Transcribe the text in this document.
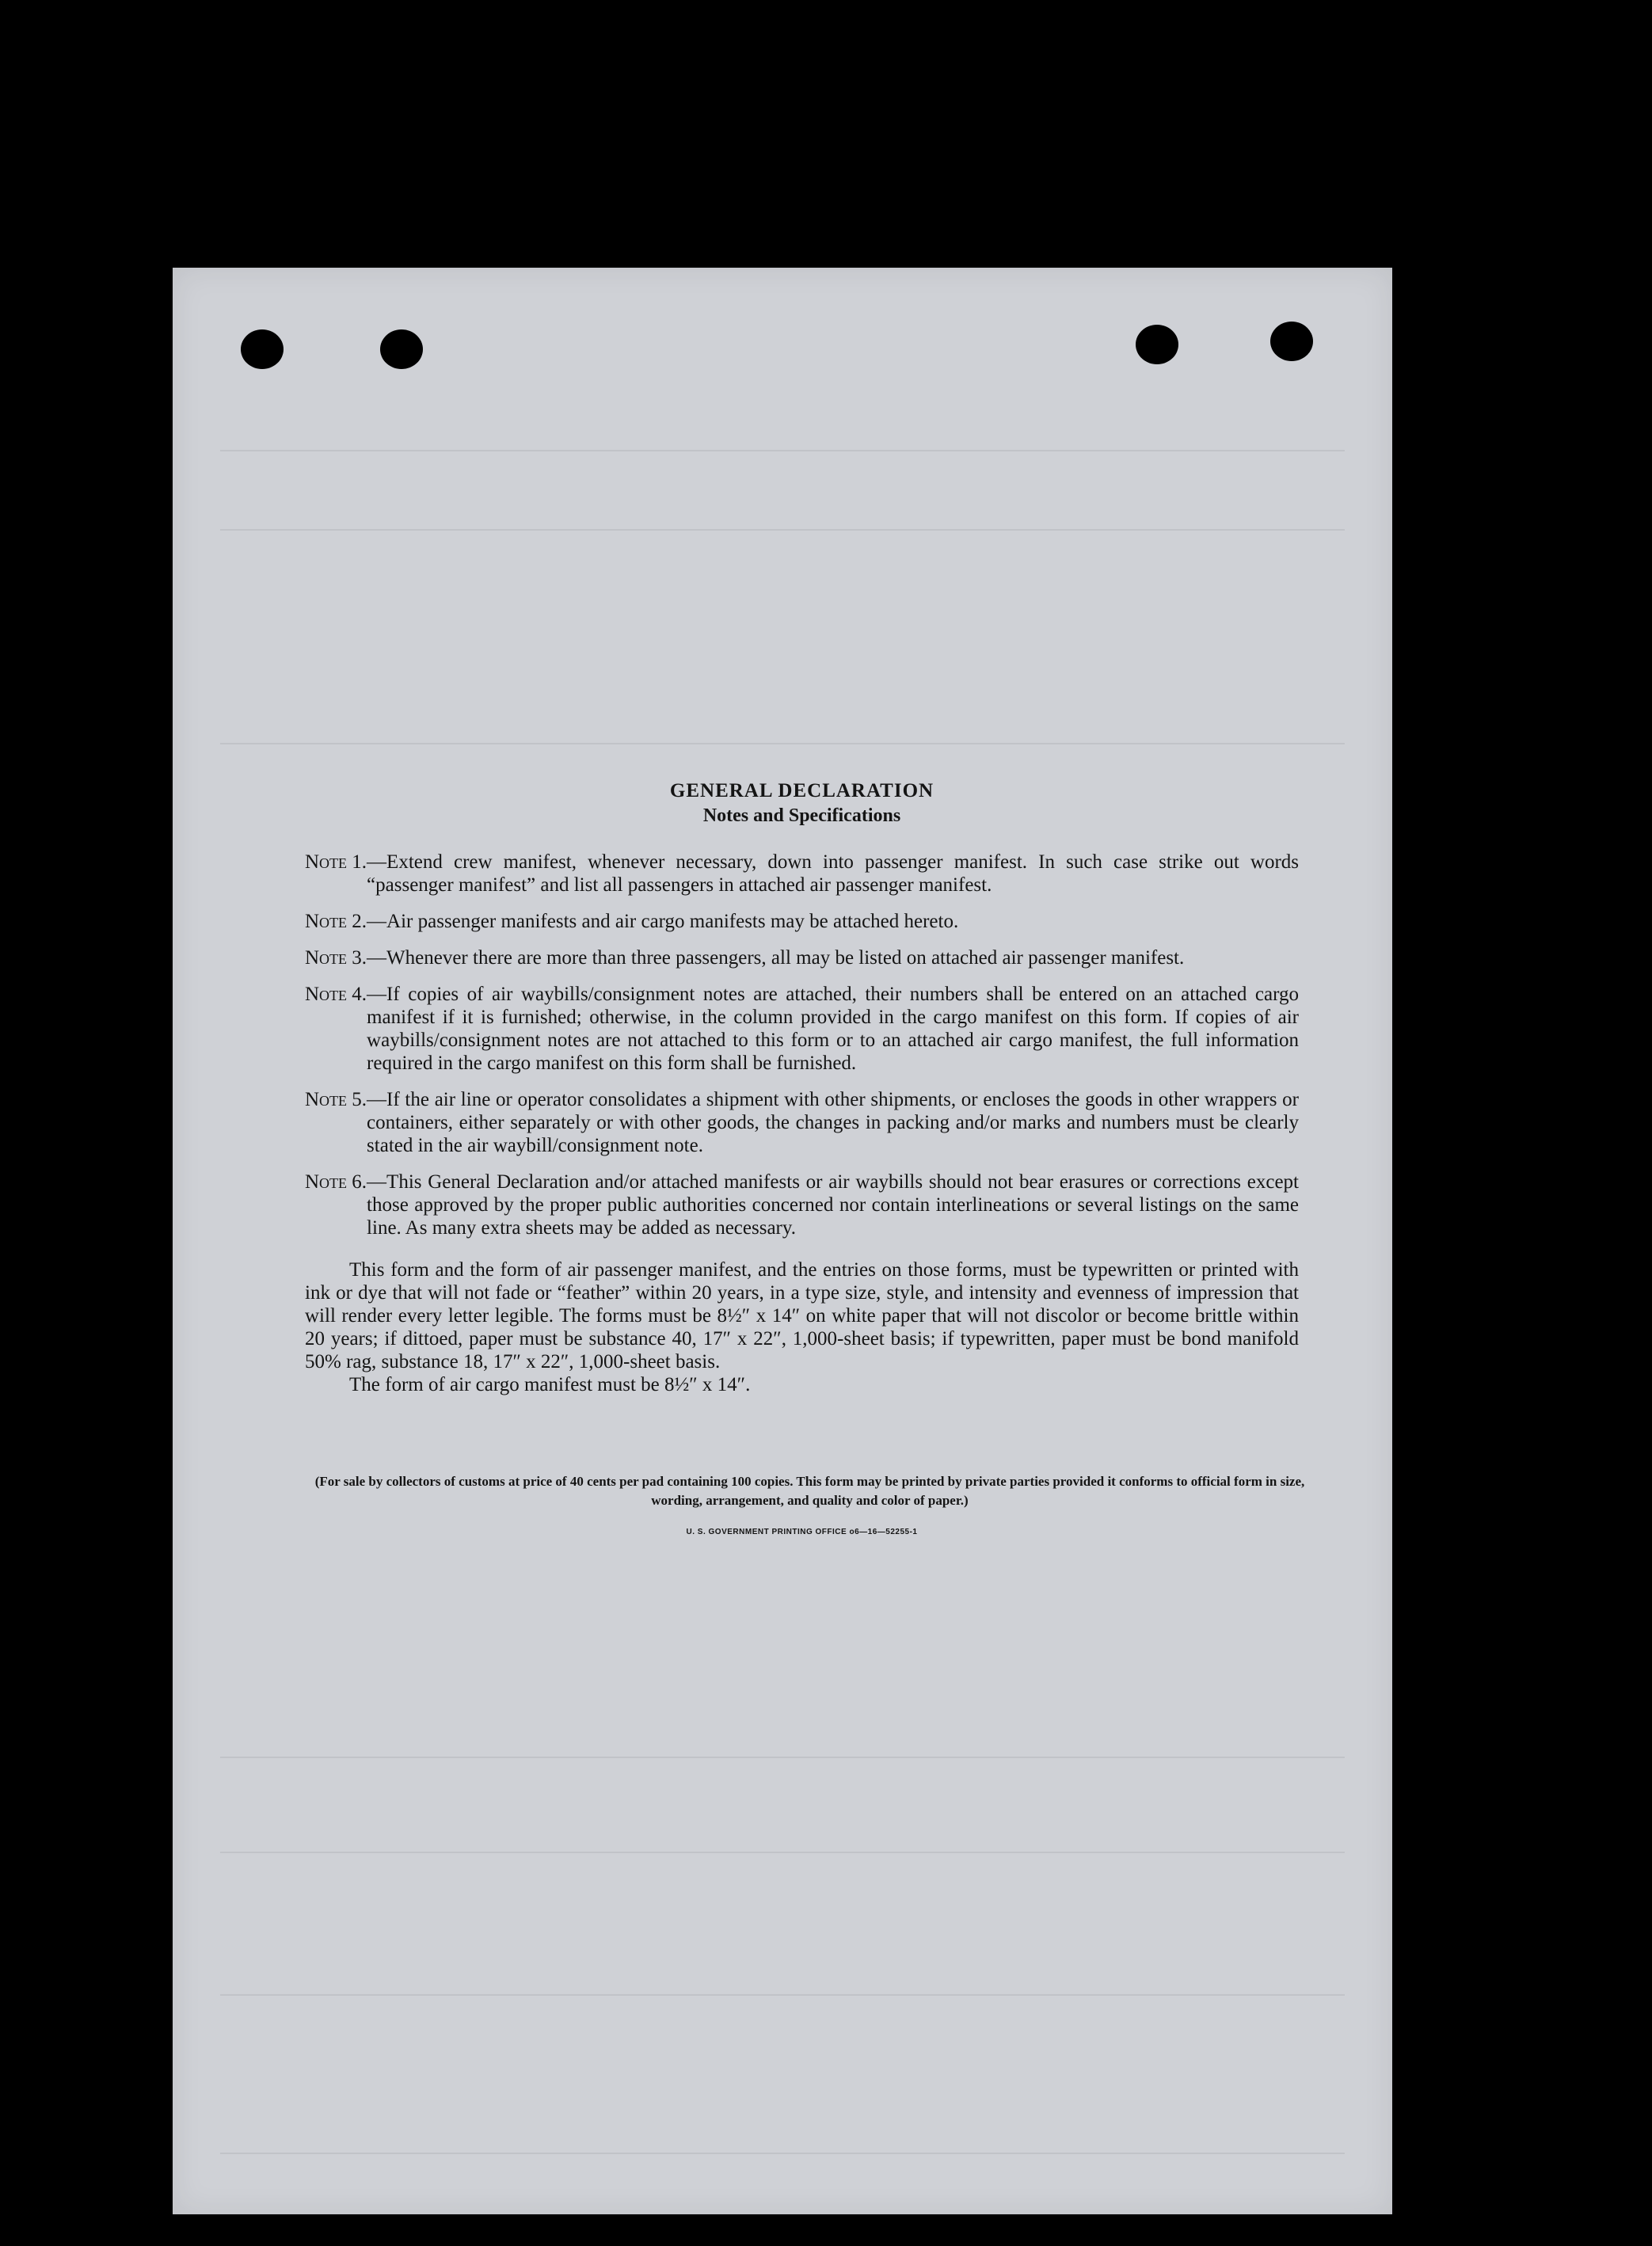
GENERAL DECLARATION

Notes and Specifications

Note 1. —Extend crew manifest, whenever necessary, down into passenger manifest. In such case strike out words “passenger manifest” and list all passengers in attached air passenger manifest.
Note 2. —Air passenger manifests and air cargo manifests may be attached hereto.
Note 3. —Whenever there are more than three passengers, all may be listed on attached air passenger manifest.
Note 4. —If copies of air waybills/consignment notes are attached, their numbers shall be entered on an attached cargo manifest if it is furnished; otherwise, in the column provided in the cargo manifest on this form. If copies of air waybills/consignment notes are not attached to this form or to an attached air cargo manifest, the full information required in the cargo manifest on this form shall be furnished.
Note 5. —If the air line or operator consolidates a shipment with other shipments, or encloses the goods in other wrappers or containers, either separately or with other goods, the changes in packing and/or marks and numbers must be clearly stated in the air waybill/consignment note.
Note 6. —This General Declaration and/or attached manifests or air waybills should not bear erasures or corrections except those approved by the proper public authorities concerned nor contain interlineations or several listings on the same line. As many extra sheets may be added as necessary.

This form and the form of air passenger manifest, and the entries on those forms, must be typewritten or printed with ink or dye that will not fade or “feather” within 20 years, in a type size, style, and intensity and evenness of impression that will render every letter legible. The forms must be 8½″ x 14″ on white paper that will not discolor or become brittle within 20 years; if dittoed, paper must be substance 40, 17″ x 22″, 1,000-sheet basis; if typewritten, paper must be bond manifold 50% rag, substance 18, 17″ x 22″, 1,000-sheet basis.

The form of air cargo manifest must be 8½″ x 14″.

(For sale by collectors of customs at price of 40 cents per pad containing 100 copies. This form may be printed by private parties provided it conforms to official form in size, wording, arrangement, and quality and color of paper.)
U. S. GOVERNMENT PRINTING OFFICE o6—16—52255-1
